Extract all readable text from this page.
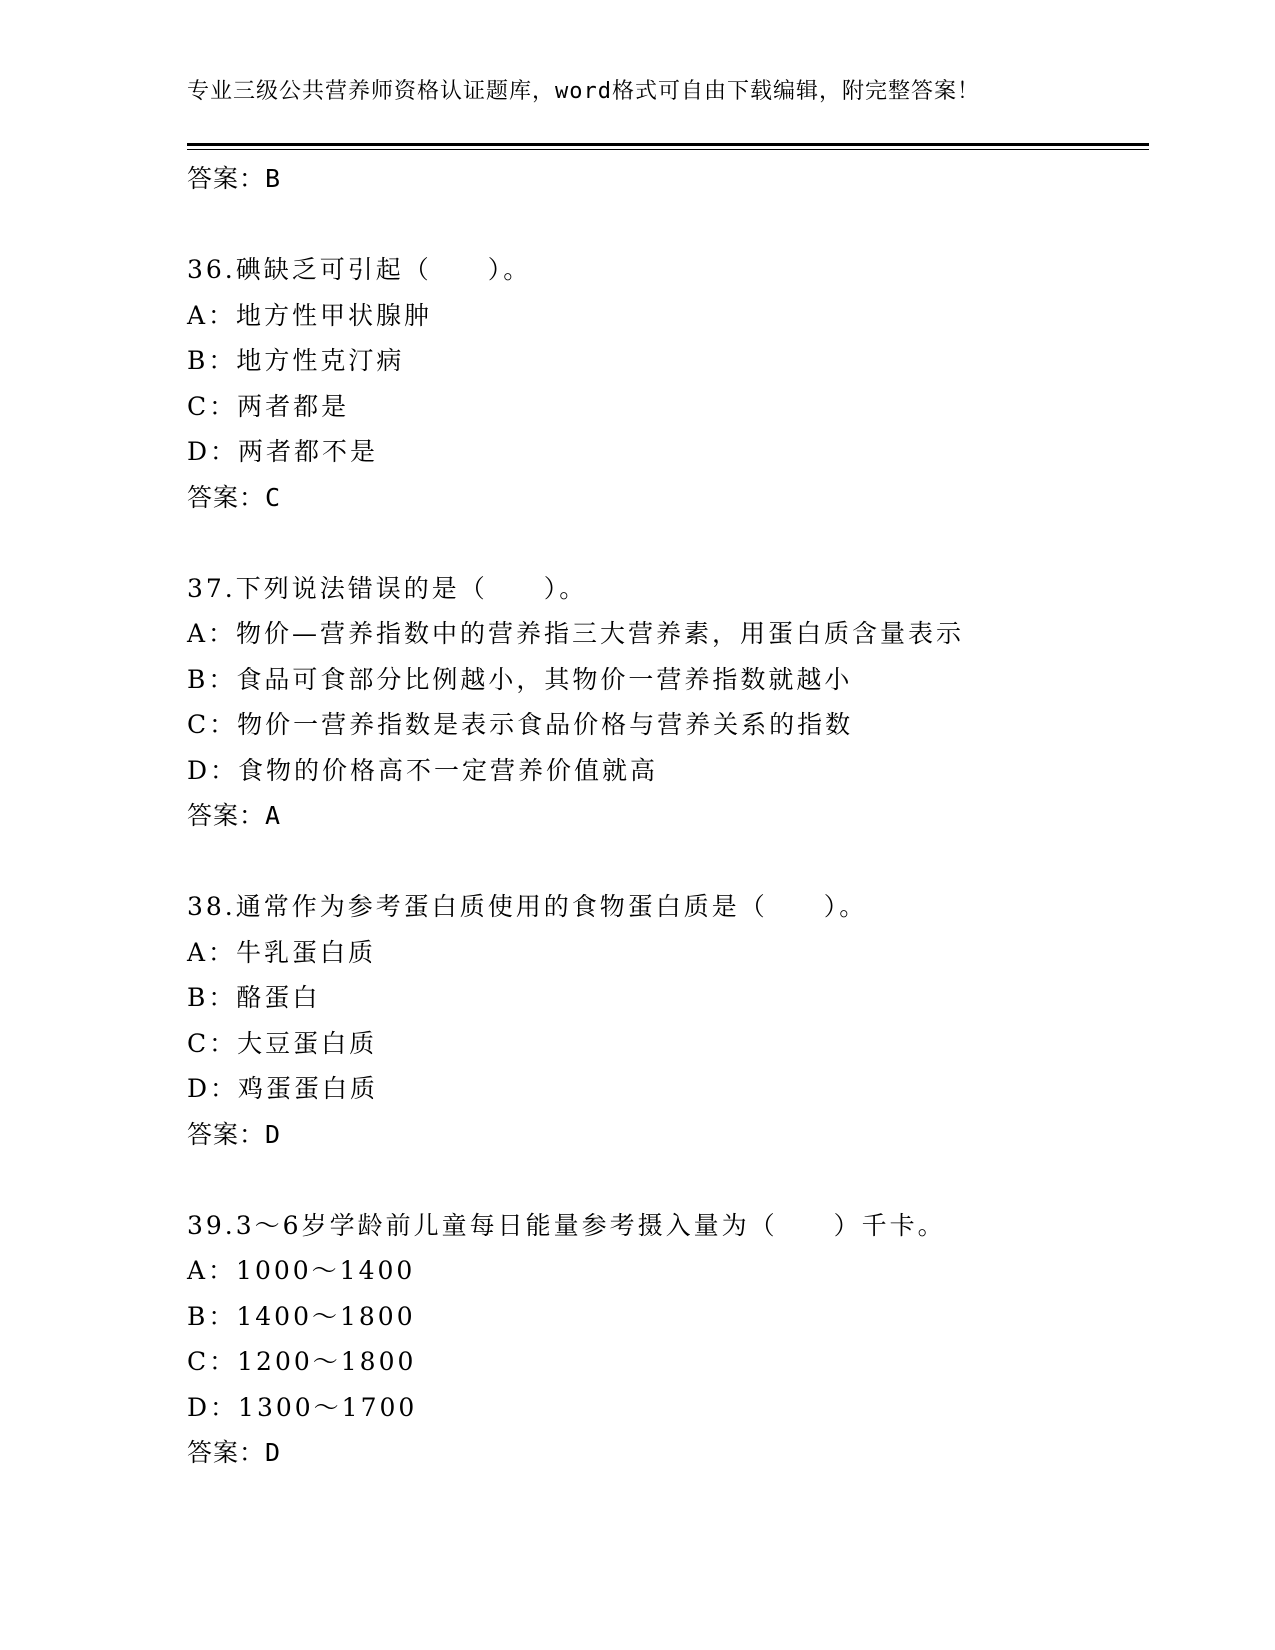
专业三级公共营养师资格认证题库，word格式可自由下载编辑，附完整答案！
答案：B
36.碘缺乏可引起（　　）。
A：地方性甲状腺肿
B：地方性克汀病
C：两者都是
D：两者都不是
答案：C
37.下列说法错误的是（　　）。
A：物价—营养指数中的营养指三大营养素，用蛋白质含量表示
B：食品可食部分比例越小，其物价一营养指数就越小
C：物价一营养指数是表示食品价格与营养关系的指数
D：食物的价格高不一定营养价值就高
答案：A
38.通常作为参考蛋白质使用的食物蛋白质是（　　）。
A：牛乳蛋白质
B：酪蛋白
C：大豆蛋白质
D：鸡蛋蛋白质
答案：D
39.3～6岁学龄前儿童每日能量参考摄入量为（　　）千卡。
A：1000～1400
B：1400～1800
C：1200～1800
D：1300～1700
答案：D
